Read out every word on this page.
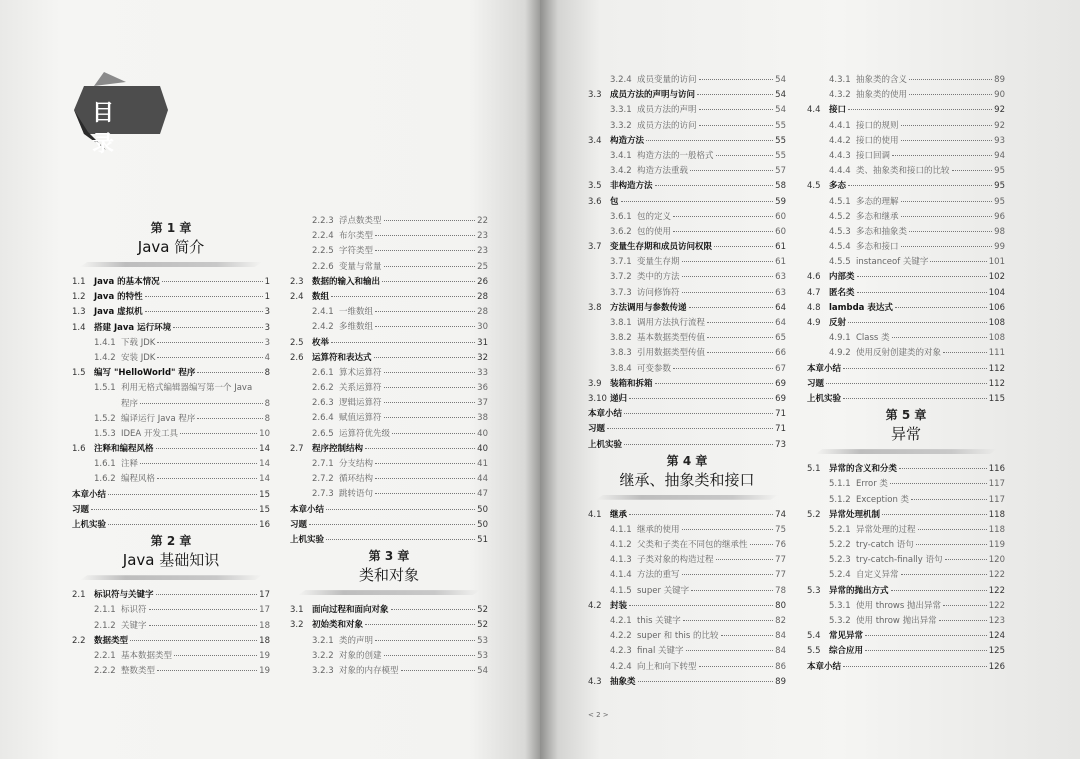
目 录
第 1 章
Java 简介
1.1 Java 的基本情况	1
1.2 Java 的特性	1
1.3 Java 虚拟机	3
1.4 搭建 Java 运行环境	3
1.4.1 下载 JDK	3
1.4.2 安装 JDK	4
1.5 编写 "HelloWorld" 程序	8
1.5.1 利用无格式编辑器编写第一个 Java
程序	8
1.5.2 编译运行 Java 程序	8
1.5.3 IDEA 开发工具	10
1.6 注释和编程风格	14
1.6.1 注释	14
1.6.2 编程风格	14
本章小结	15
习题	15
上机实验	16
第 2 章
Java 基础知识
2.1 标识符与关键字	17
2.1.1 标识符	17
2.1.2 关键字	18
2.2 数据类型	18
2.2.1 基本数据类型	19
2.2.2 整数类型	19
2.2.3 浮点数类型	22
2.2.4 布尔类型	23
2.2.5 字符类型	23
2.2.6 变量与常量	25
2.3 数据的输入和输出	26
2.4 数组	28
2.4.1 一维数组	28
2.4.2 多维数组	30
2.5 枚举	31
2.6 运算符和表达式	32
2.6.1 算术运算符	33
2.6.2 关系运算符	36
2.6.3 逻辑运算符	37
2.6.4 赋值运算符	38
2.6.5 运算符优先级	40
2.7 程序控制结构	40
2.7.1 分支结构	41
2.7.2 循环结构	44
2.7.3 跳转语句	47
本章小结	50
习题	50
上机实验	51
第 3 章
类和对象
3.1 面向过程和面向对象	52
3.2 初始类和对象	52
3.2.1 类的声明	53
3.2.2 对象的创建	53
3.2.3 对象的内存模型	54
3.2.4 成员变量的访问	54
3.3 成员方法的声明与访问	54
3.3.1 成员方法的声明	54
3.3.2 成员方法的访问	55
3.4 构造方法	55
3.4.1 构造方法的一般格式	55
3.4.2 构造方法重载	57
3.5 非构造方法	58
3.6 包	59
3.6.1 包的定义	60
3.6.2 包的使用	60
3.7 变量生存期和成员访问权限	61
3.7.1 变量生存期	61
3.7.2 类中的方法	63
3.7.3 访问修饰符	63
3.8 方法调用与参数传递	64
3.8.1 调用方法执行流程	64
3.8.2 基本数据类型传值	65
3.8.3 引用数据类型传值	66
3.8.4 可变参数	67
3.9 装箱和拆箱	69
3.10 递归	69
本章小结	71
习题	71
上机实验	73
第 4 章
继承、抽象类和接口
4.1 继承	74
4.1.1 继承的使用	75
4.1.2 父类和子类在不同包的继承性	76
4.1.3 子类对象的构造过程	77
4.1.4 方法的重写	77
4.1.5 super 关键字	78
4.2 封装	80
4.2.1 this 关键字	82
4.2.2 super 和 this 的比较	84
4.2.3 final 关键字	84
4.2.4 向上和向下转型	86
4.3 抽象类	89
4.3.1 抽象类的含义	89
4.3.2 抽象类的使用	90
4.4 接口	92
4.4.1 接口的规则	92
4.4.2 接口的使用	93
4.4.3 接口回调	94
4.4.4 类、抽象类和接口的比较	95
4.5 多态	95
4.5.1 多态的理解	95
4.5.2 多态和继承	96
4.5.3 多态和抽象类	98
4.5.4 多态和接口	99
4.5.5 instanceof 关键字	101
4.6 内部类	102
4.7 匿名类	104
4.8 lambda 表达式	106
4.9 反射	108
4.9.1 Class 类	108
4.9.2 使用反射创建类的对象	111
本章小结	112
习题	112
上机实验	115
第 5 章
异常
5.1 异常的含义和分类	116
5.1.1 Error 类	117
5.1.2 Exception 类	117
5.2 异常处理机制	118
5.2.1 异常处理的过程	118
5.2.2 try-catch 语句	119
5.2.3 try-catch-finally 语句	120
5.2.4 自定义异常	122
5.3 异常的抛出方式	122
5.3.1 使用 throws 抛出异常	122
5.3.2 使用 throw 抛出异常	123
5.4 常见异常	124
5.5 综合应用	125
本章小结	126
< 2 >
